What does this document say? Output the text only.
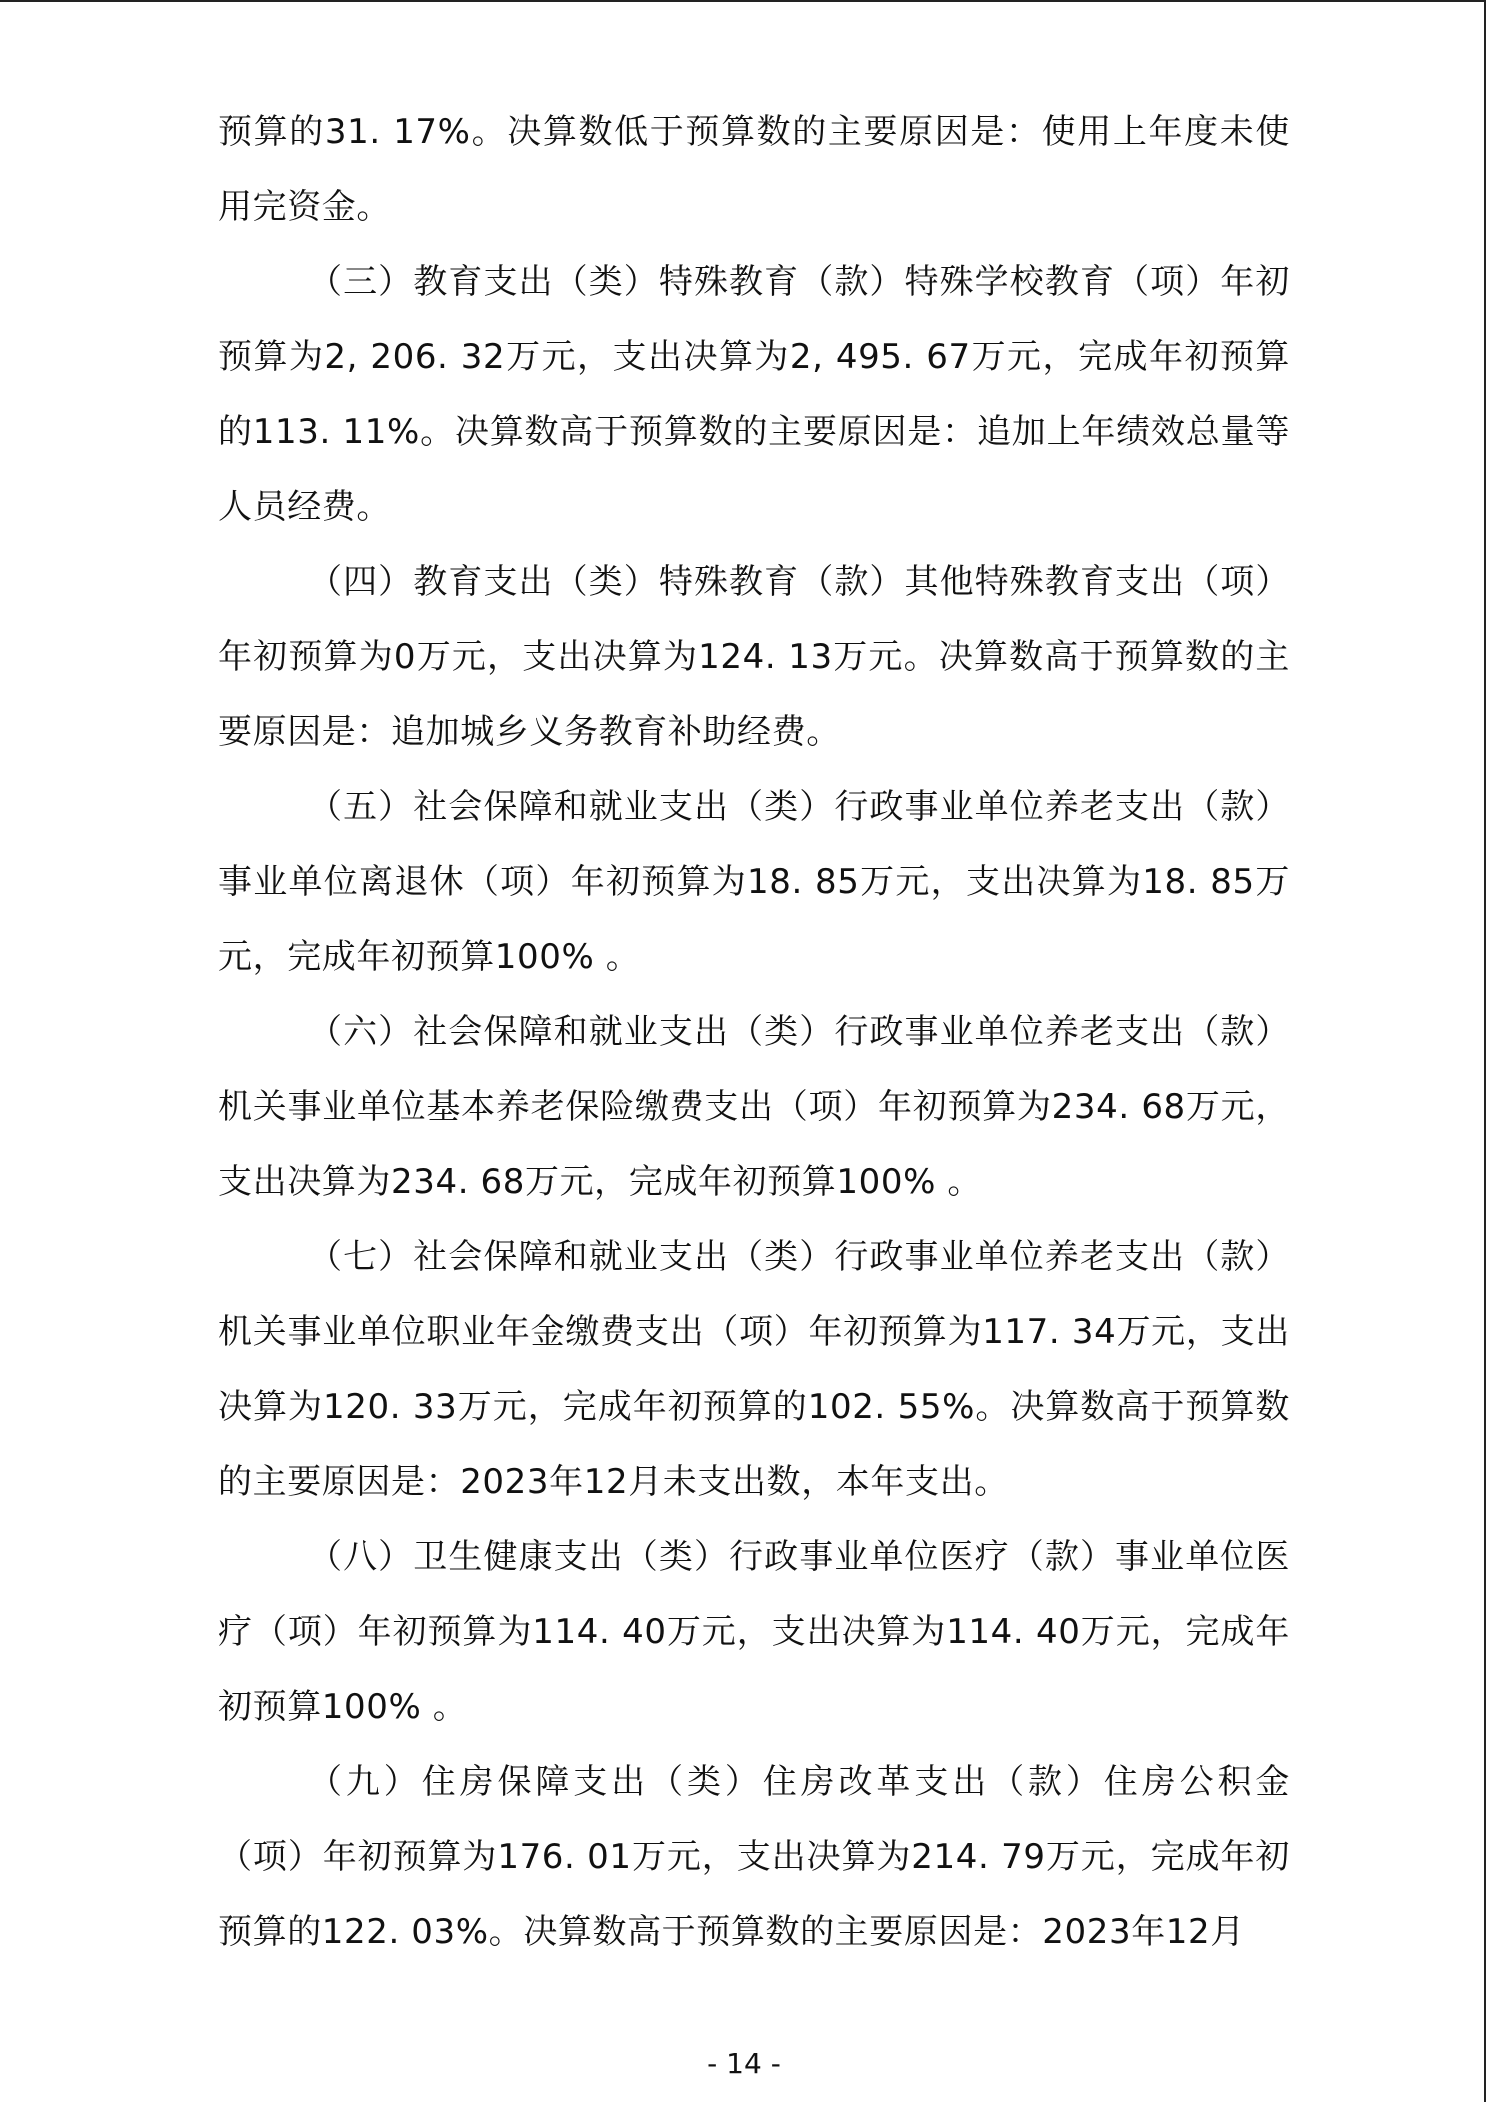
预算的31. 17%。决算数低于预算数的主要原因是：使用上年度未使用完资金。

（三）教育支出（类）特殊教育（款）特殊学校教育（项）年初预算为2, 206. 32万元，支出决算为2, 495. 67万元，完成年初预算的113. 11%。决算数高于预算数的主要原因是：追加上年绩效总量等人员经费。

（四）教育支出（类）特殊教育（款）其他特殊教育支出（项）年初预算为0万元，支出决算为124. 13万元。决算数高于预算数的主要原因是：追加城乡义务教育补助经费。

（五）社会保障和就业支出（类）行政事业单位养老支出（款）事业单位离退休（项）年初预算为18. 85万元，支出决算为18. 85万元，完成年初预算100% 。

（六）社会保障和就业支出（类）行政事业单位养老支出（款）机关事业单位基本养老保险缴费支出（项）年初预算为234. 68万元，支出决算为234. 68万元，完成年初预算100% 。

（七）社会保障和就业支出（类）行政事业单位养老支出（款）机关事业单位职业年金缴费支出（项）年初预算为117. 34万元，支出决算为120. 33万元，完成年初预算的102. 55%。决算数高于预算数的主要原因是：2023年12月未支出数，本年支出。

（八）卫生健康支出（类）行政事业单位医疗（款）事业单位医疗（项）年初预算为114. 40万元，支出决算为114. 40万元，完成年初预算100% 。

（九）住房保障支出（类）住房改革支出（款）住房公积金（项）年初预算为176. 01万元，支出决算为214. 79万元，完成年初预算的122. 03%。决算数高于预算数的主要原因是：2023年12月

- 14 -
